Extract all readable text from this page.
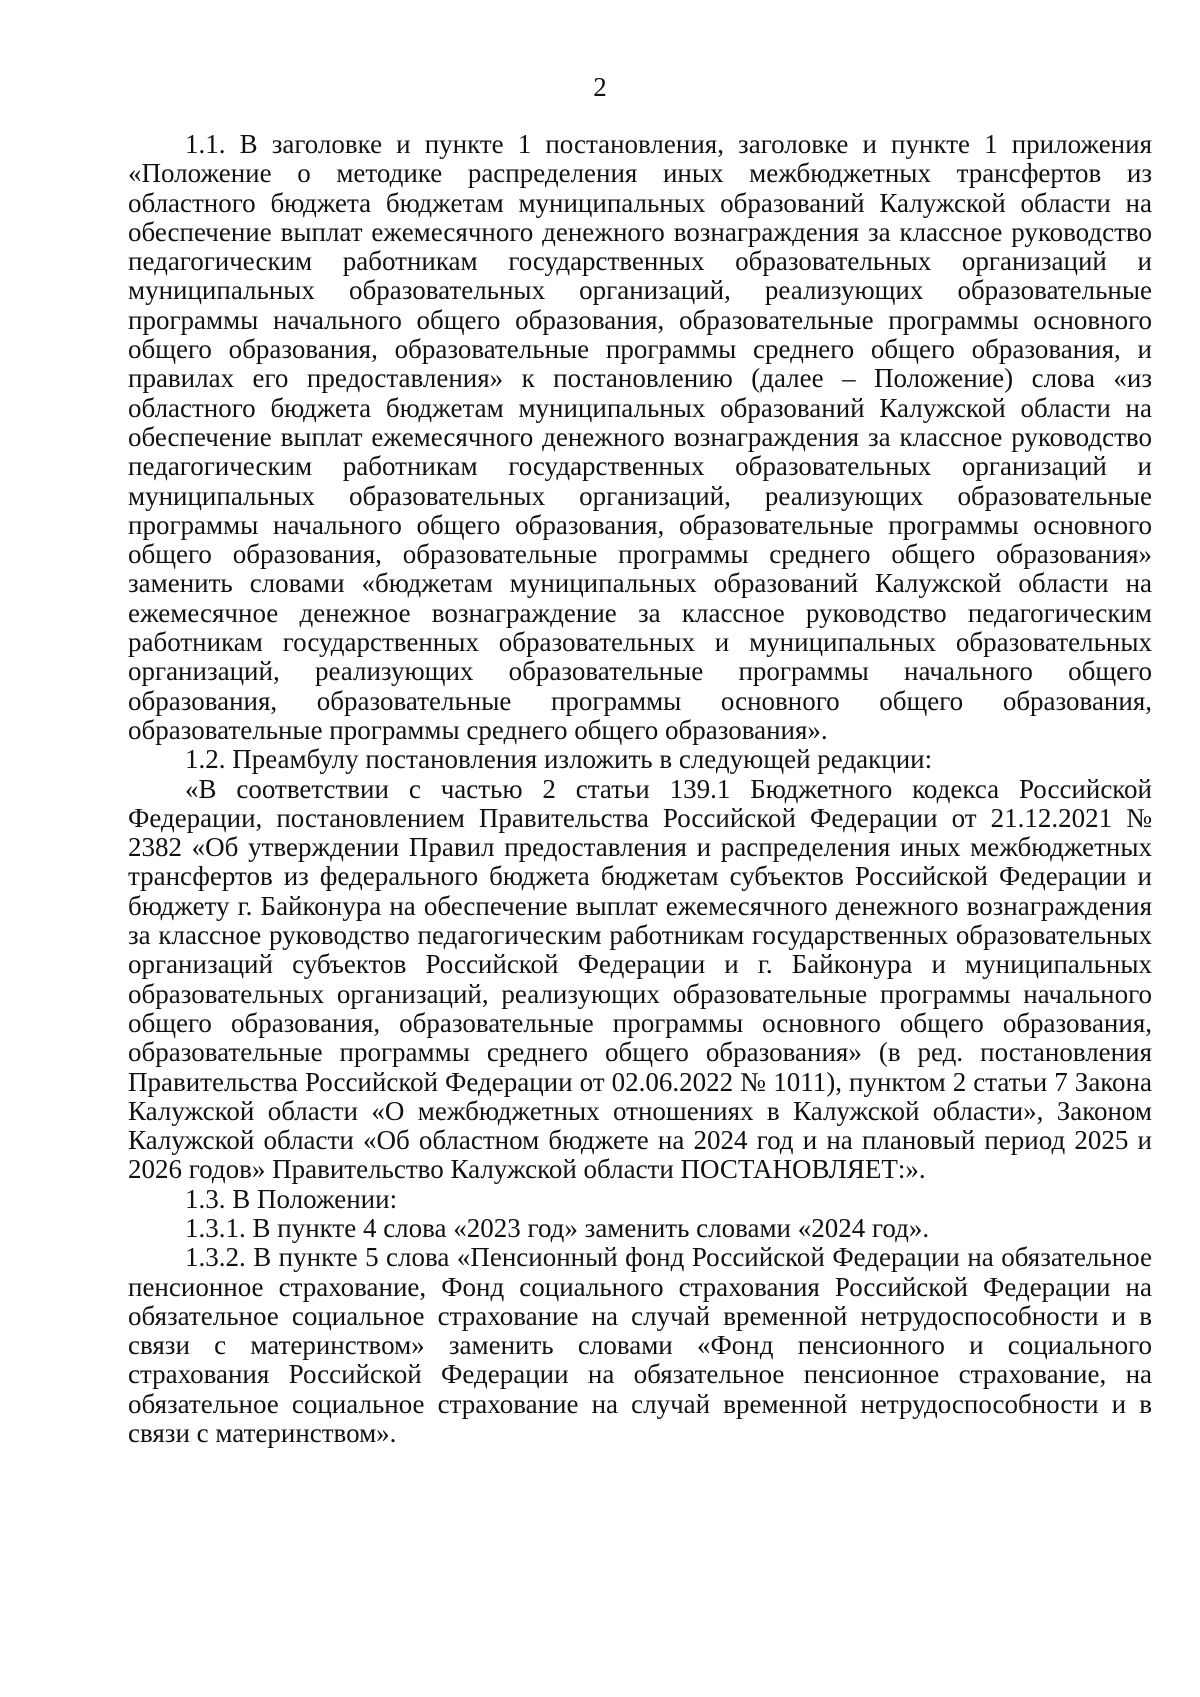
2

1.1. В заголовке и пункте 1 постановления, заголовке и пункте 1 приложения «Положение о методике распределения иных межбюджетных трансфертов из областного бюджета бюджетам муниципальных образований Калужской области на обеспечение выплат ежемесячного денежного вознаграждения за классное руководство педагогическим работникам государственных образовательных организаций и муниципальных образовательных организаций, реализующих образовательные программы начального общего образования, образовательные программы основного общего образования, образовательные программы среднего общего образования, и правилах его предоставления» к постановлению (далее – Положение) слова «из областного бюджета бюджетам муниципальных образований Калужской области на обеспечение выплат ежемесячного денежного вознаграждения за классное руководство педагогическим работникам государственных образовательных организаций и муниципальных образовательных организаций, реализующих образовательные программы начального общего образования, образовательные программы основного общего образования, образовательные программы среднего общего образования» заменить словами «бюджетам муниципальных образований Калужской области на ежемесячное денежное вознаграждение за классное руководство педагогическим работникам государственных образовательных и муниципальных образовательных организаций, реализующих образовательные программы начального общего образования, образовательные программы основного общего образования, образовательные программы среднего общего образования».

1.2. Преамбулу постановления изложить в следующей редакции:

«В соответствии с частью 2 статьи 139.1 Бюджетного кодекса Российской Федерации, постановлением Правительства Российской Федерации от 21.12.2021 № 2382 «Об утверждении Правил предоставления и распределения иных межбюджетных трансфертов из федерального бюджета бюджетам субъектов Российской Федерации и бюджету г. Байконура на обеспечение выплат ежемесячного денежного вознаграждения за классное руководство педагогическим работникам государственных образовательных организаций субъектов Российской Федерации и г. Байконура и муниципальных образовательных организаций, реализующих образовательные программы начального общего образования, образовательные программы основного общего образования, образовательные программы среднего общего образования» (в ред. постановления Правительства Российской Федерации от 02.06.2022 № 1011), пунктом 2 статьи 7 Закона Калужской области «О межбюджетных отношениях в Калужской области», Законом Калужской области «Об областном бюджете на 2024 год и на плановый период 2025 и 2026 годов» Правительство Калужской области ПОСТАНОВЛЯЕТ:».

1.3. В Положении:

1.3.1. В пункте 4 слова «2023 год» заменить словами «2024 год».

1.3.2. В пункте 5 слова «Пенсионный фонд Российской Федерации на обязательное пенсионное страхование, Фонд социального страхования Российской Федерации на обязательное социальное страхование на случай временной нетрудоспособности и в связи с материнством» заменить словами «Фонд пенсионного и социального страхования Российской Федерации на обязательное пенсионное страхование, на обязательное социальное страхование на случай временной нетрудоспособности и в связи с материнством».
